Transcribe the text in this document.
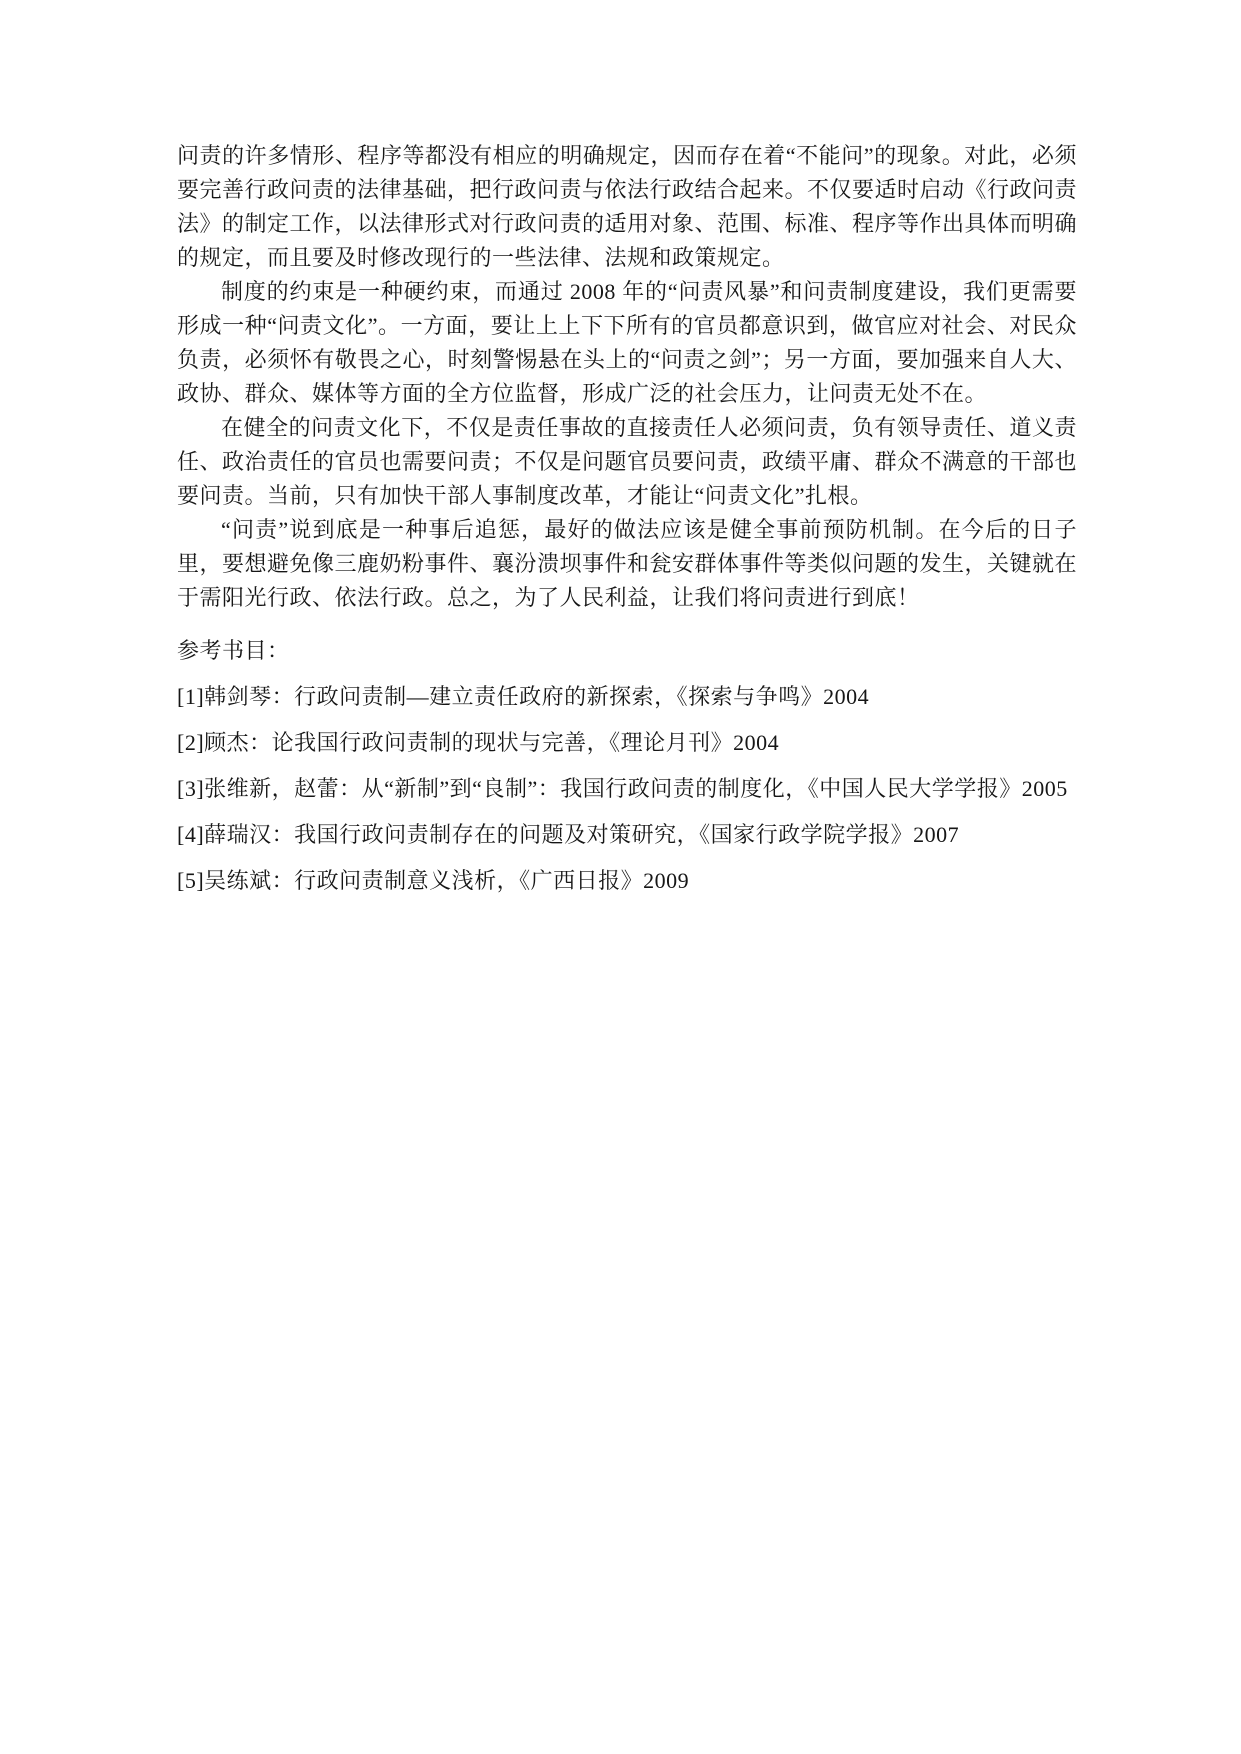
问责的许多情形、程序等都没有相应的明确规定，因而存在着“不能问”的现象。对此，必须要完善行政问责的法律基础，把行政问责与依法行政结合起来。不仅要适时启动《行政问责法》的制定工作，以法律形式对行政问责的适用对象、范围、标准、程序等作出具体而明确的规定，而且要及时修改现行的一些法律、法规和政策规定。

制度的约束是一种硬约束，而通过 2008 年的“问责风暴”和问责制度建设，我们更需要形成一种“问责文化”。一方面，要让上上下下所有的官员都意识到，做官应对社会、对民众负责，必须怀有敬畏之心，时刻警惕悬在头上的“问责之剑”；另一方面，要加强来自人大、政协、群众、媒体等方面的全方位监督，形成广泛的社会压力，让问责无处不在。

在健全的问责文化下，不仅是责任事故的直接责任人必须问责，负有领导责任、道义责任、政治责任的官员也需要问责；不仅是问题官员要问责，政绩平庸、群众不满意的干部也要问责。当前，只有加快干部人事制度改革，才能让“问责文化”扎根。

“问责”说到底是一种事后追惩，最好的做法应该是健全事前预防机制。在今后的日子里，要想避免像三鹿奶粉事件、襄汾溃坝事件和瓮安群体事件等类似问题的发生，关键就在于需阳光行政、依法行政。总之，为了人民利益，让我们将问责进行到底！

参考书目：

[1]韩剑琴：行政问责制—建立责任政府的新探索，《探索与争鸣》2004

[2]顾杰：论我国行政问责制的现状与完善，《理论月刊》2004

[3]张维新，赵蕾：从“新制”到“良制”：我国行政问责的制度化，《中国人民大学学报》2005

[4]薛瑞汉：我国行政问责制存在的问题及对策研究，《国家行政学院学报》2007

[5]吴练斌：行政问责制意义浅析，《广西日报》2009
